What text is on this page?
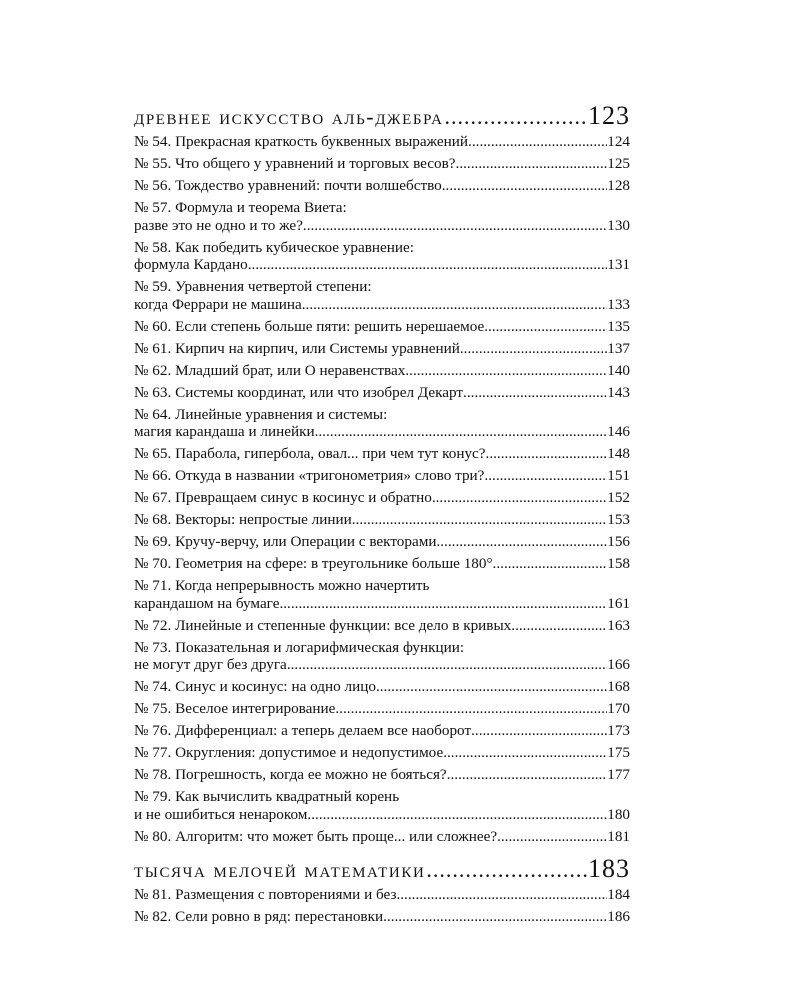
древнее искусство аль-джебра .....	123
№ 54. Прекрасная краткость буквенных выражений .....	124
№ 55. Что общего у уравнений и торговых весов? .....	125
№ 56. Тождество уравнений: почти волшебство .....	128
№ 57. Формула и теорема Виета:
разве это не одно и то же? .....	130
№ 58. Как победить кубическое уравнение:
формула Кардано .....	131
№ 59. Уравнения четвертой степени:
когда Феррари не машина .....	133
№ 60. Если степень больше пяти: решить нерешаемое .....	135
№ 61. Кирпич на кирпич, или Системы уравнений .....	137
№ 62. Младший брат, или О неравенствах .....	140
№ 63. Системы координат, или что изобрел Декарт .....	143
№ 64. Линейные уравнения и системы:
магия карандаша и линейки .....	146
№ 65. Парабола, гипербола, овал... при чем тут конус? .....	148
№ 66. Откуда в названии «тригонометрия» слово три? .....	151
№ 67. Превращаем синус в косинус и обратно .....	152
№ 68. Векторы: непростые линии .....	153
№ 69. Кручу-верчу, или Операции с векторами .....	156
№ 70. Геометрия на сфере: в треугольнике больше 180° .....	158
№ 71. Когда непрерывность можно начертить
карандашом на бумаге .....	161
№ 72. Линейные и степенные функции: все дело в кривых .....	163
№ 73. Показательная и логарифмическая функции:
не могут друг без друга .....	166
№ 74. Синус и косинус: на одно лицо .....	168
№ 75. Веселое интегрирование .....	170
№ 76. Дифференциал: а теперь делаем все наоборот .....	173
№ 77. Округления: допустимое и недопустимое .....	175
№ 78. Погрешность, когда ее можно не бояться? .....	177
№ 79. Как вычислить квадратный корень
и не ошибиться ненароком .....	180
№ 80. Алгоритм: что может быть проще... или сложнее? .....	181
тысяча мелочей математики .....	183
№ 81. Размещения с повторениями и без .....	184
№ 82. Сели ровно в ряд: перестановки .....	186
